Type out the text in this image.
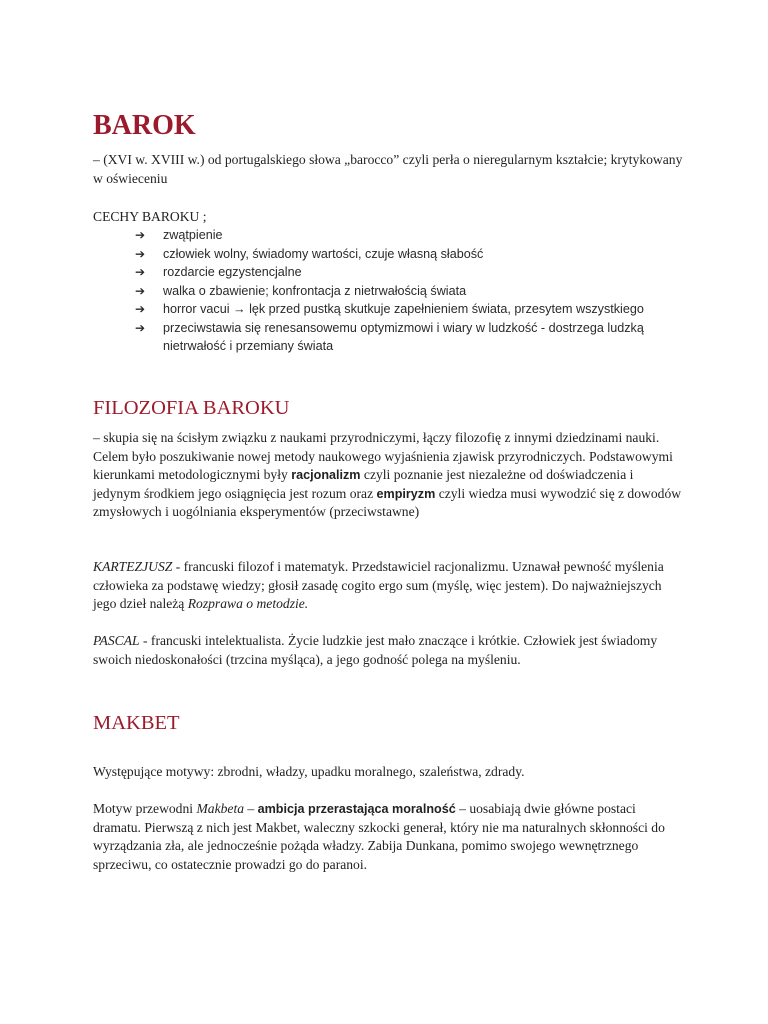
BAROK

– (XVI w. XVIII w.) od portugalskiego słowa „barocco” czyli perła o nieregularnym kształcie; krytykowany w oświeceniu

CECHY BAROKU ;

➔ zwątpienie
➔ człowiek wolny, świadomy wartości, czuje własną słabość
➔ rozdarcie egzystencjalne
➔ walka o zbawienie; konfrontacja z nietrwałością świata
➔ horror vacui → lęk przed pustką skutkuje zapełnieniem świata, przesytem wszystkiego
➔ przeciwstawia się renesansowemu optymizmowi i wiary w ludzkość - dostrzega ludzką nietrwałość i przemiany świata
FILOZOFIA BAROKU

– skupia się na ścisłym związku z naukami przyrodniczymi, łączy filozofię z innymi dziedzinami nauki. Celem było poszukiwanie nowej metody naukowego wyjaśnienia zjawisk przyrodniczych. Podstawowymi kierunkami metodologicznymi były racjonalizm czyli poznanie jest niezależne od doświadczenia i jedynym środkiem jego osiągnięcia jest rozum oraz empiryzm czyli wiedza musi wywodzić się z dowodów zmysłowych i uogólniania eksperymentów (przeciwstawne)

KARTEZJUSZ - francuski filozof i matematyk. Przedstawiciel racjonalizmu. Uznawał pewność myślenia człowieka za podstawę wiedzy; głosił zasadę cogito ergo sum (myślę, więc jestem). Do najważniejszych jego dzieł należą Rozprawa o metodzie.

PASCAL - francuski intelektualista. Życie ludzkie jest mało znaczące i krótkie. Człowiek jest świadomy swoich niedoskonałości (trzcina myśląca), a jego godność polega na myśleniu.

MAKBET

Występujące motywy: zbrodni, władzy, upadku moralnego, szaleństwa, zdrady.

Motyw przewodni Makbeta – ambicja przerastająca moralność – uosabiają dwie główne postaci dramatu. Pierwszą z nich jest Makbet, waleczny szkocki generał, który nie ma naturalnych skłonności do wyrządzania zła, ale jednocześnie pożąda władzy. Zabija Dunkana, pomimo swojego wewnętrznego sprzeciwu, co ostatecznie prowadzi go do paranoi.
